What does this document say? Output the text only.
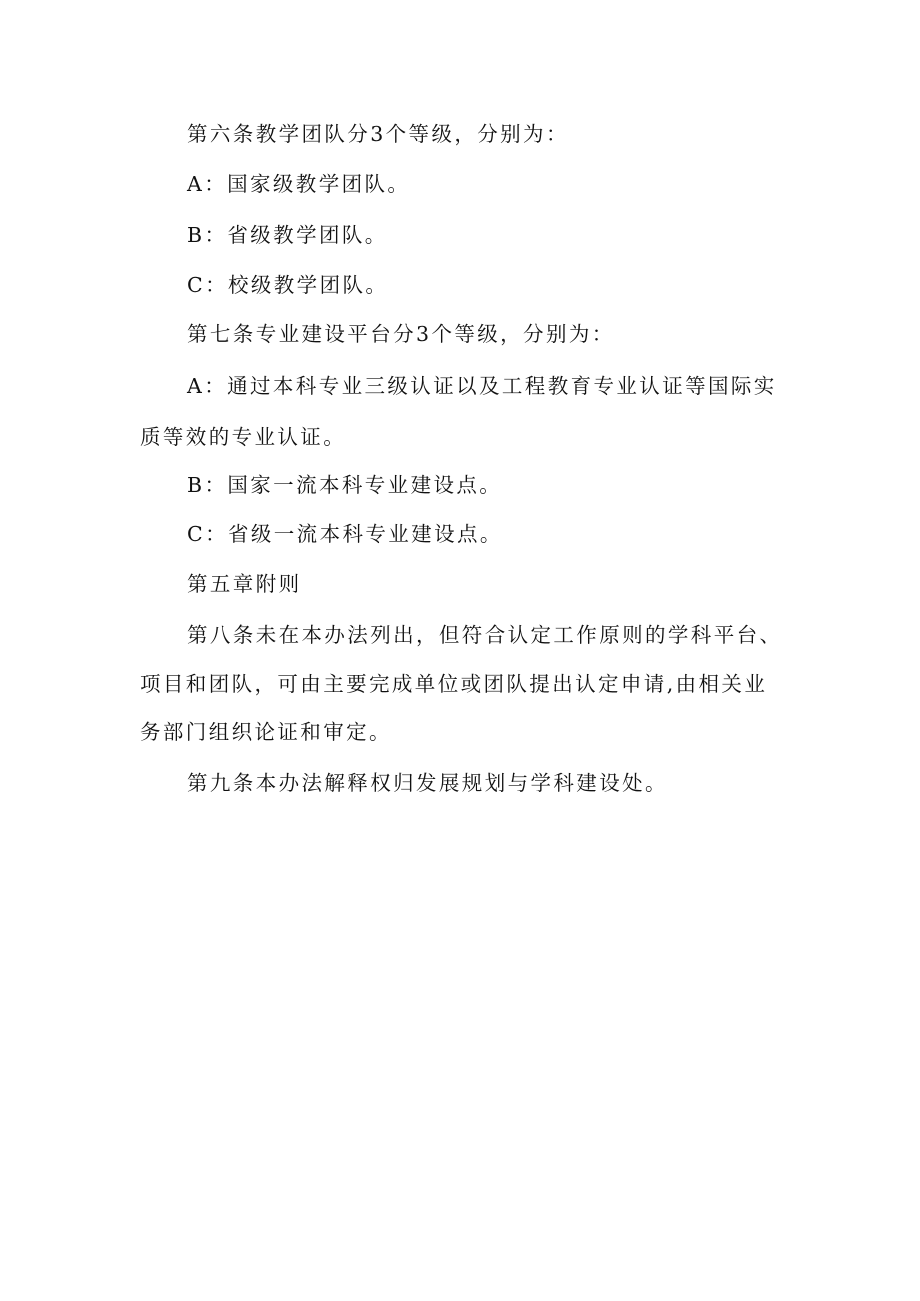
第六条教学团队分3个等级，分别为：

A：国家级教学团队。

B：省级教学团队。

C：校级教学团队。

第七条专业建设平台分3个等级，分别为：

A：通过本科专业三级认证以及工程教育专业认证等国际实

质等效的专业认证。

B：国家一流本科专业建设点。

C：省级一流本科专业建设点。

第五章附则

第八条未在本办法列出，但符合认定工作原则的学科平台、

项目和团队，可由主要完成单位或团队提出认定申请,由相关业

务部门组织论证和审定。

第九条本办法解释权归发展规划与学科建设处。
